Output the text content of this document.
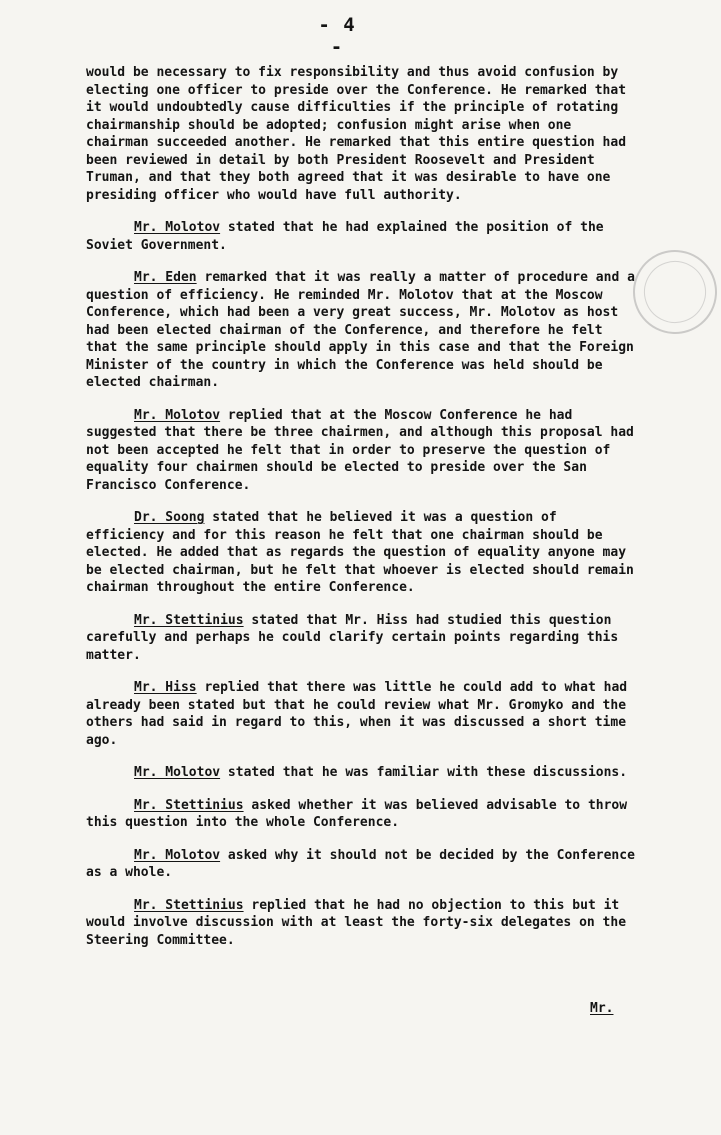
- 4 -

would be necessary to fix responsibility and thus avoid confusion by electing one officer to preside over the Conference. He remarked that it would undoubtedly cause difficulties if the principle of rotating chairmanship should be adopted; confusion might arise when one chairman succeeded another. He remarked that this entire question had been reviewed in detail by both President Roosevelt and President Truman, and that they both agreed that it was desirable to have one presiding officer who would have full authority.

Mr. Molotov stated that he had explained the position of the Soviet Government.

Mr. Eden remarked that it was really a matter of procedure and a question of efficiency. He reminded Mr. Molotov that at the Moscow Conference, which had been a very great success, Mr. Molotov as host had been elected chairman of the Conference, and therefore he felt that the same principle should apply in this case and that the Foreign Minister of the country in which the Conference was held should be elected chairman.

Mr. Molotov replied that at the Moscow Conference he had suggested that there be three chairmen, and although this proposal had not been accepted he felt that in order to preserve the question of equality four chairmen should be elected to preside over the San Francisco Conference.

Dr. Soong stated that he believed it was a question of efficiency and for this reason he felt that one chairman should be elected. He added that as regards the question of equality anyone may be elected chairman, but he felt that whoever is elected should remain chairman throughout the entire Conference.

Mr. Stettinius stated that Mr. Hiss had studied this question carefully and perhaps he could clarify certain points regarding this matter.

Mr. Hiss replied that there was little he could add to what had already been stated but that he could review what Mr. Gromyko and the others had said in regard to this, when it was discussed a short time ago.

Mr. Molotov stated that he was familiar with these discussions.

Mr. Stettinius asked whether it was believed advisable to throw this question into the whole Conference.

Mr. Molotov asked why it should not be decided by the Conference as a whole.

Mr. Stettinius replied that he had no objection to this but it would involve discussion with at least the forty-six delegates on the Steering Committee.

Mr.
